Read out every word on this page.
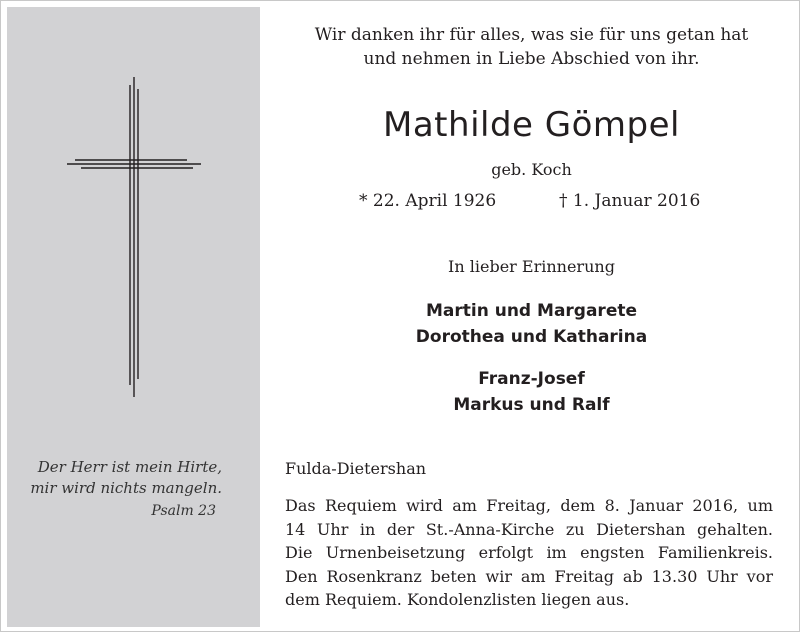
Der Herr ist mein Hirte,
mir wird nichts mangeln.
Psalm 23
Wir danken ihr für alles, was sie für uns getan hat
und nehmen in Liebe Abschied von ihr.
Mathilde Gömpel
geb. Koch
* 22. April 1926	† 1. Januar 2016
In lieber Erinnerung
Martin und Margarete
Dorothea und Katharina
Franz-Josef
Markus und Ralf
Fulda-Dietershan
Das Requiem wird am Freitag, dem 8. Januar 2016, um
14 Uhr in der St.-Anna-Kirche zu Dietershan gehalten.
Die Urnenbeisetzung erfolgt im engsten Familienkreis.
Den Rosenkranz beten wir am Freitag ab 13.30 Uhr vor
dem Requiem. Kondolenzlisten liegen aus.
